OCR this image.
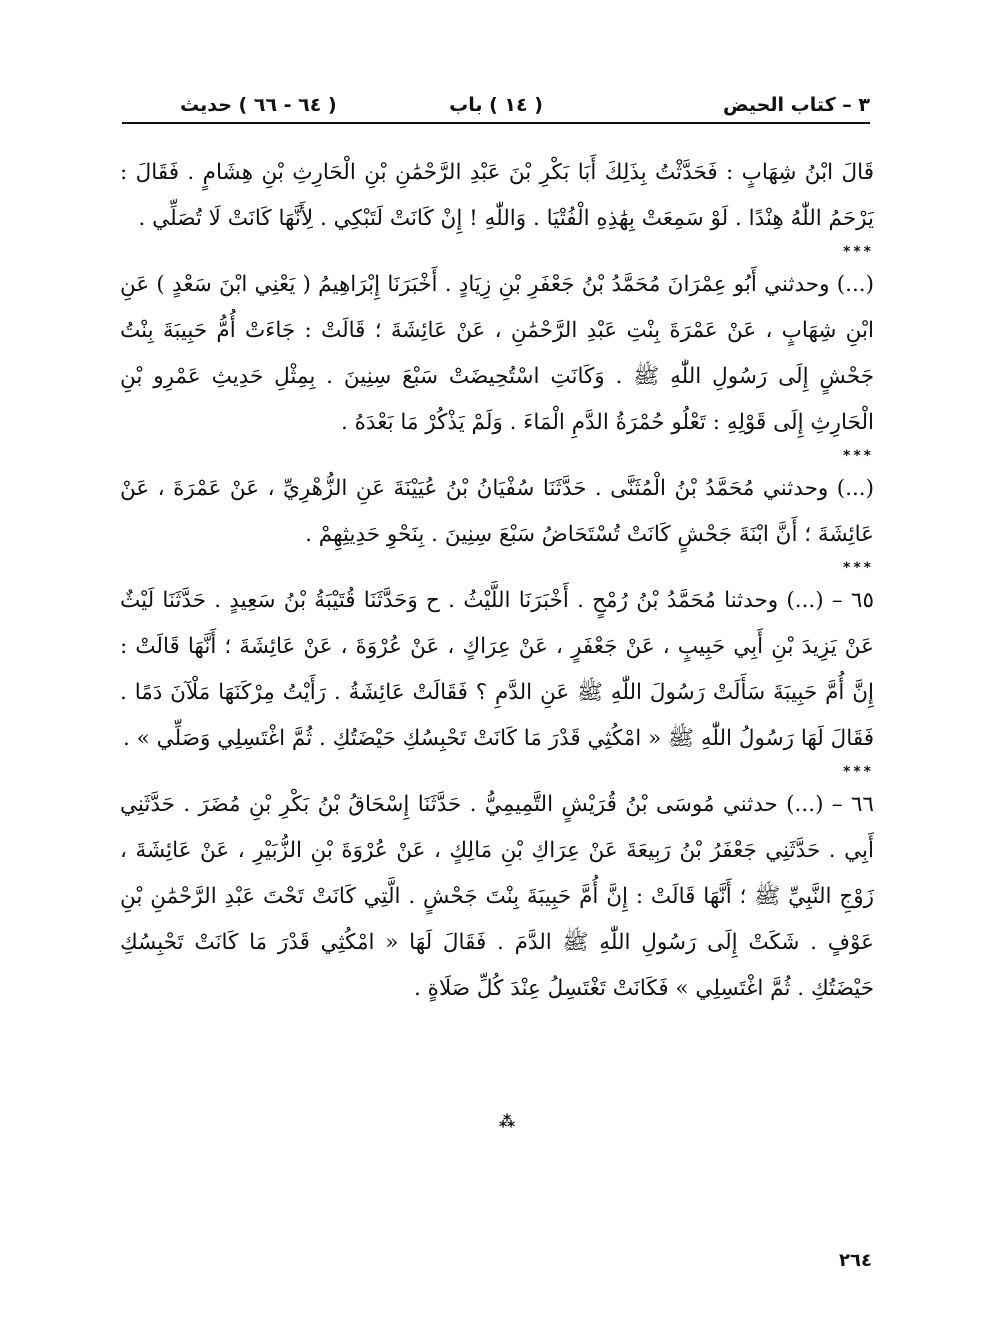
٣ – كتاب الحيض
( ١٤ ) باب
( ٦٤ - ٦٦ ) حديث

قَالَ ابْنُ شِهَابٍ : فَحَدَّثْتُ بِذَلِكَ أَبَا بَكْرِ بْنَ عَبْدِ الرَّحْمَٰنِ بْنِ الْحَارِثِ بْنِ هِشَامٍ . فَقَالَ : يَرْحَمُ اللّٰهُ هِنْدًا . لَوْ سَمِعَتْ بِهَٰذِهِ الْفُتْيَا . وَاللّٰهِ ! إِنْ كَانَتْ لَتَبْكِي . لِأَنَّهَا كَانَتْ لَا تُصَلِّي .

***

(...) وحدثني أَبُو عِمْرَانَ مُحَمَّدُ بْنُ جَعْفَرِ بْنِ زِيَادٍ . أَخْبَرَنَا إِبْرَاهِيمُ ( يَعْنِي ابْنَ سَعْدٍ ) عَنِ ابْنِ شِهَابٍ ، عَنْ عَمْرَةَ بِنْتِ عَبْدِ الرَّحْمَٰنِ ، عَنْ عَائِشَةَ ؛ قَالَتْ : جَاءَتْ أُمُّ حَبِيبَةَ بِنْتُ جَحْشٍ إِلَى رَسُولِ اللّٰهِ ﷺ . وَكَانَتِ اسْتُحِيضَتْ سَبْعَ سِنِينَ . بِمِثْلِ حَدِيثِ عَمْرِو بْنِ الْحَارِثِ إِلَى قَوْلِهِ : تَعْلُو حُمْرَةُ الدَّمِ الْمَاءَ . وَلَمْ يَذْكُرْ مَا بَعْدَهُ .

***

(...) وحدثني مُحَمَّدُ بْنُ الْمُثَنَّى . حَدَّثَنَا سُفْيَانُ بْنُ عُيَيْنَةَ عَنِ الزُّهْرِيِّ ، عَنْ عَمْرَةَ ، عَنْ عَائِشَةَ ؛ أَنَّ ابْنَةَ جَحْشٍ كَانَتْ تُسْتَحَاضُ سَبْعَ سِنِينَ . بِنَحْوِ حَدِيثِهِمْ .

***

٦٥ – (...) وحدثنا مُحَمَّدُ بْنُ رُمْحٍ . أَخْبَرَنَا اللَّيْثُ . ح وَحَدَّثَنَا قُتَيْبَةُ بْنُ سَعِيدٍ . حَدَّثَنَا لَيْثٌ عَنْ يَزِيدَ بْنِ أَبِي حَبِيبٍ ، عَنْ جَعْفَرٍ ، عَنْ عِرَاكٍ ، عَنْ عُرْوَةَ ، عَنْ عَائِشَةَ ؛ أَنَّهَا قَالَتْ : إِنَّ أُمَّ حَبِيبَةَ سَأَلَتْ رَسُولَ اللّٰهِ ﷺ عَنِ الدَّمِ ؟ فَقَالَتْ عَائِشَةُ . رَأَيْتُ مِرْكَنَهَا مَلْآنَ دَمًا . فَقَالَ لَهَا رَسُولُ اللّٰهِ ﷺ « امْكُثِي قَدْرَ مَا كَانَتْ تَحْبِسُكِ حَيْضَتُكِ . ثُمَّ اغْتَسِلِي وَصَلِّي » .

***

٦٦ – (...) حدثني مُوسَى بْنُ قُرَيْشٍ التَّمِيمِيُّ . حَدَّثَنَا إِسْحَاقُ بْنُ بَكْرِ بْنِ مُضَرَ . حَدَّثَنِي أَبِي . حَدَّثَنِي جَعْفَرُ بْنُ رَبِيعَةَ عَنْ عِرَاكِ بْنِ مَالِكٍ ، عَنْ عُرْوَةَ بْنِ الزُّبَيْرِ ، عَنْ عَائِشَةَ ، زَوْجِ النَّبِيِّ ﷺ ؛ أَنَّهَا قَالَتْ : إِنَّ أُمَّ حَبِيبَةَ بِنْتَ جَحْشٍ . الَّتِي كَانَتْ تَحْتَ عَبْدِ الرَّحْمَٰنِ بْنِ عَوْفٍ . شَكَتْ إِلَى رَسُولِ اللّٰهِ ﷺ الدَّمَ . فَقَالَ لَهَا « امْكُثِي قَدْرَ مَا كَانَتْ تَحْبِسُكِ حَيْضَتُكِ . ثُمَّ اغْتَسِلِي » فَكَانَتْ تَغْتَسِلُ عِنْدَ كُلِّ صَلَاةٍ .

⁂
٢٦٤
